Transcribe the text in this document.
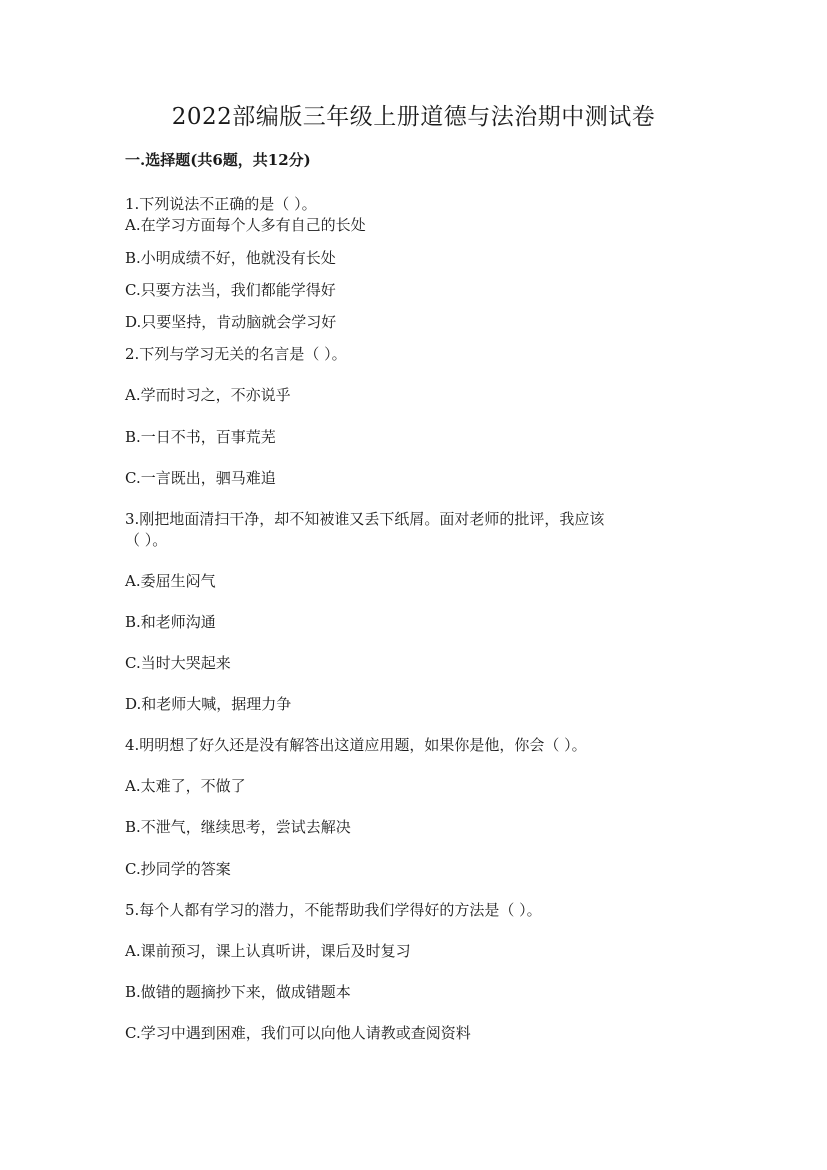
2022部编版三年级上册道德与法治期中测试卷
一.选择题(共6题，共12分)

1.下列说法不正确的是（ ）。

A.在学习方面每个人多有自己的长处

B.小明成绩不好，他就没有长处

C.只要方法当，我们都能学得好

D.只要坚持，肯动脑就会学习好

2.下列与学习无关的名言是（ ）。

A.学而时习之，不亦说乎

B.一日不书，百事荒芜

C.一言既出，驷马难追

3.刚把地面清扫干净，却不知被谁又丢下纸屑。面对老师的批评，我应该

（ ）。

A.委屈生闷气

B.和老师沟通

C.当时大哭起来

D.和老师大喊，据理力争

4.明明想了好久还是没有解答出这道应用题，如果你是他，你会（ ）。

A.太难了，不做了

B.不泄气，继续思考，尝试去解决

C.抄同学的答案

5.每个人都有学习的潜力，不能帮助我们学得好的方法是（ ）。

A.课前预习，课上认真听讲，课后及时复习

B.做错的题摘抄下来，做成错题本

C.学习中遇到困难，我们可以向他人请教或查阅资料
